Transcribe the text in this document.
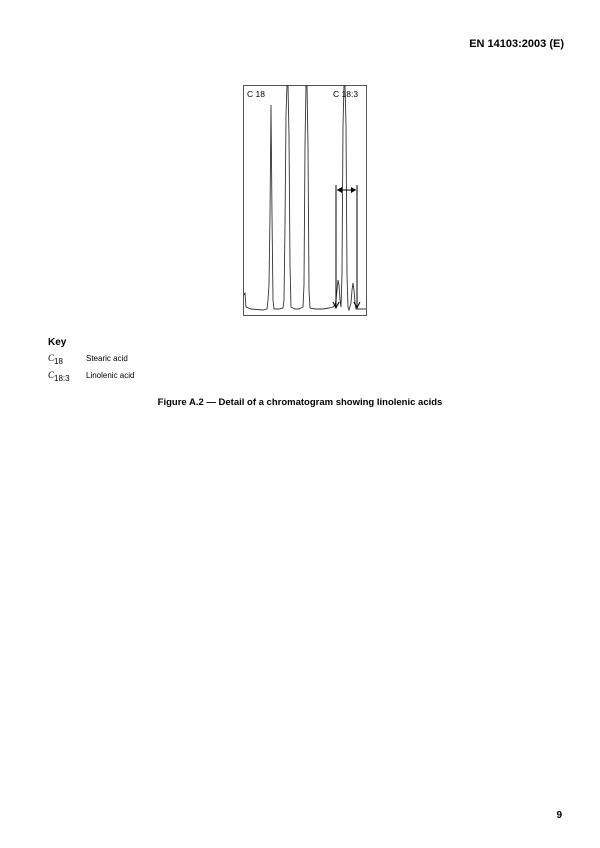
EN 14103:2003 (E)
C 18	C 18:3
Key
C18	Stearic acid
C18:3 Linolenic acid
Figure A.2 — Detail of a chromatogram showing linolenic acids
9
